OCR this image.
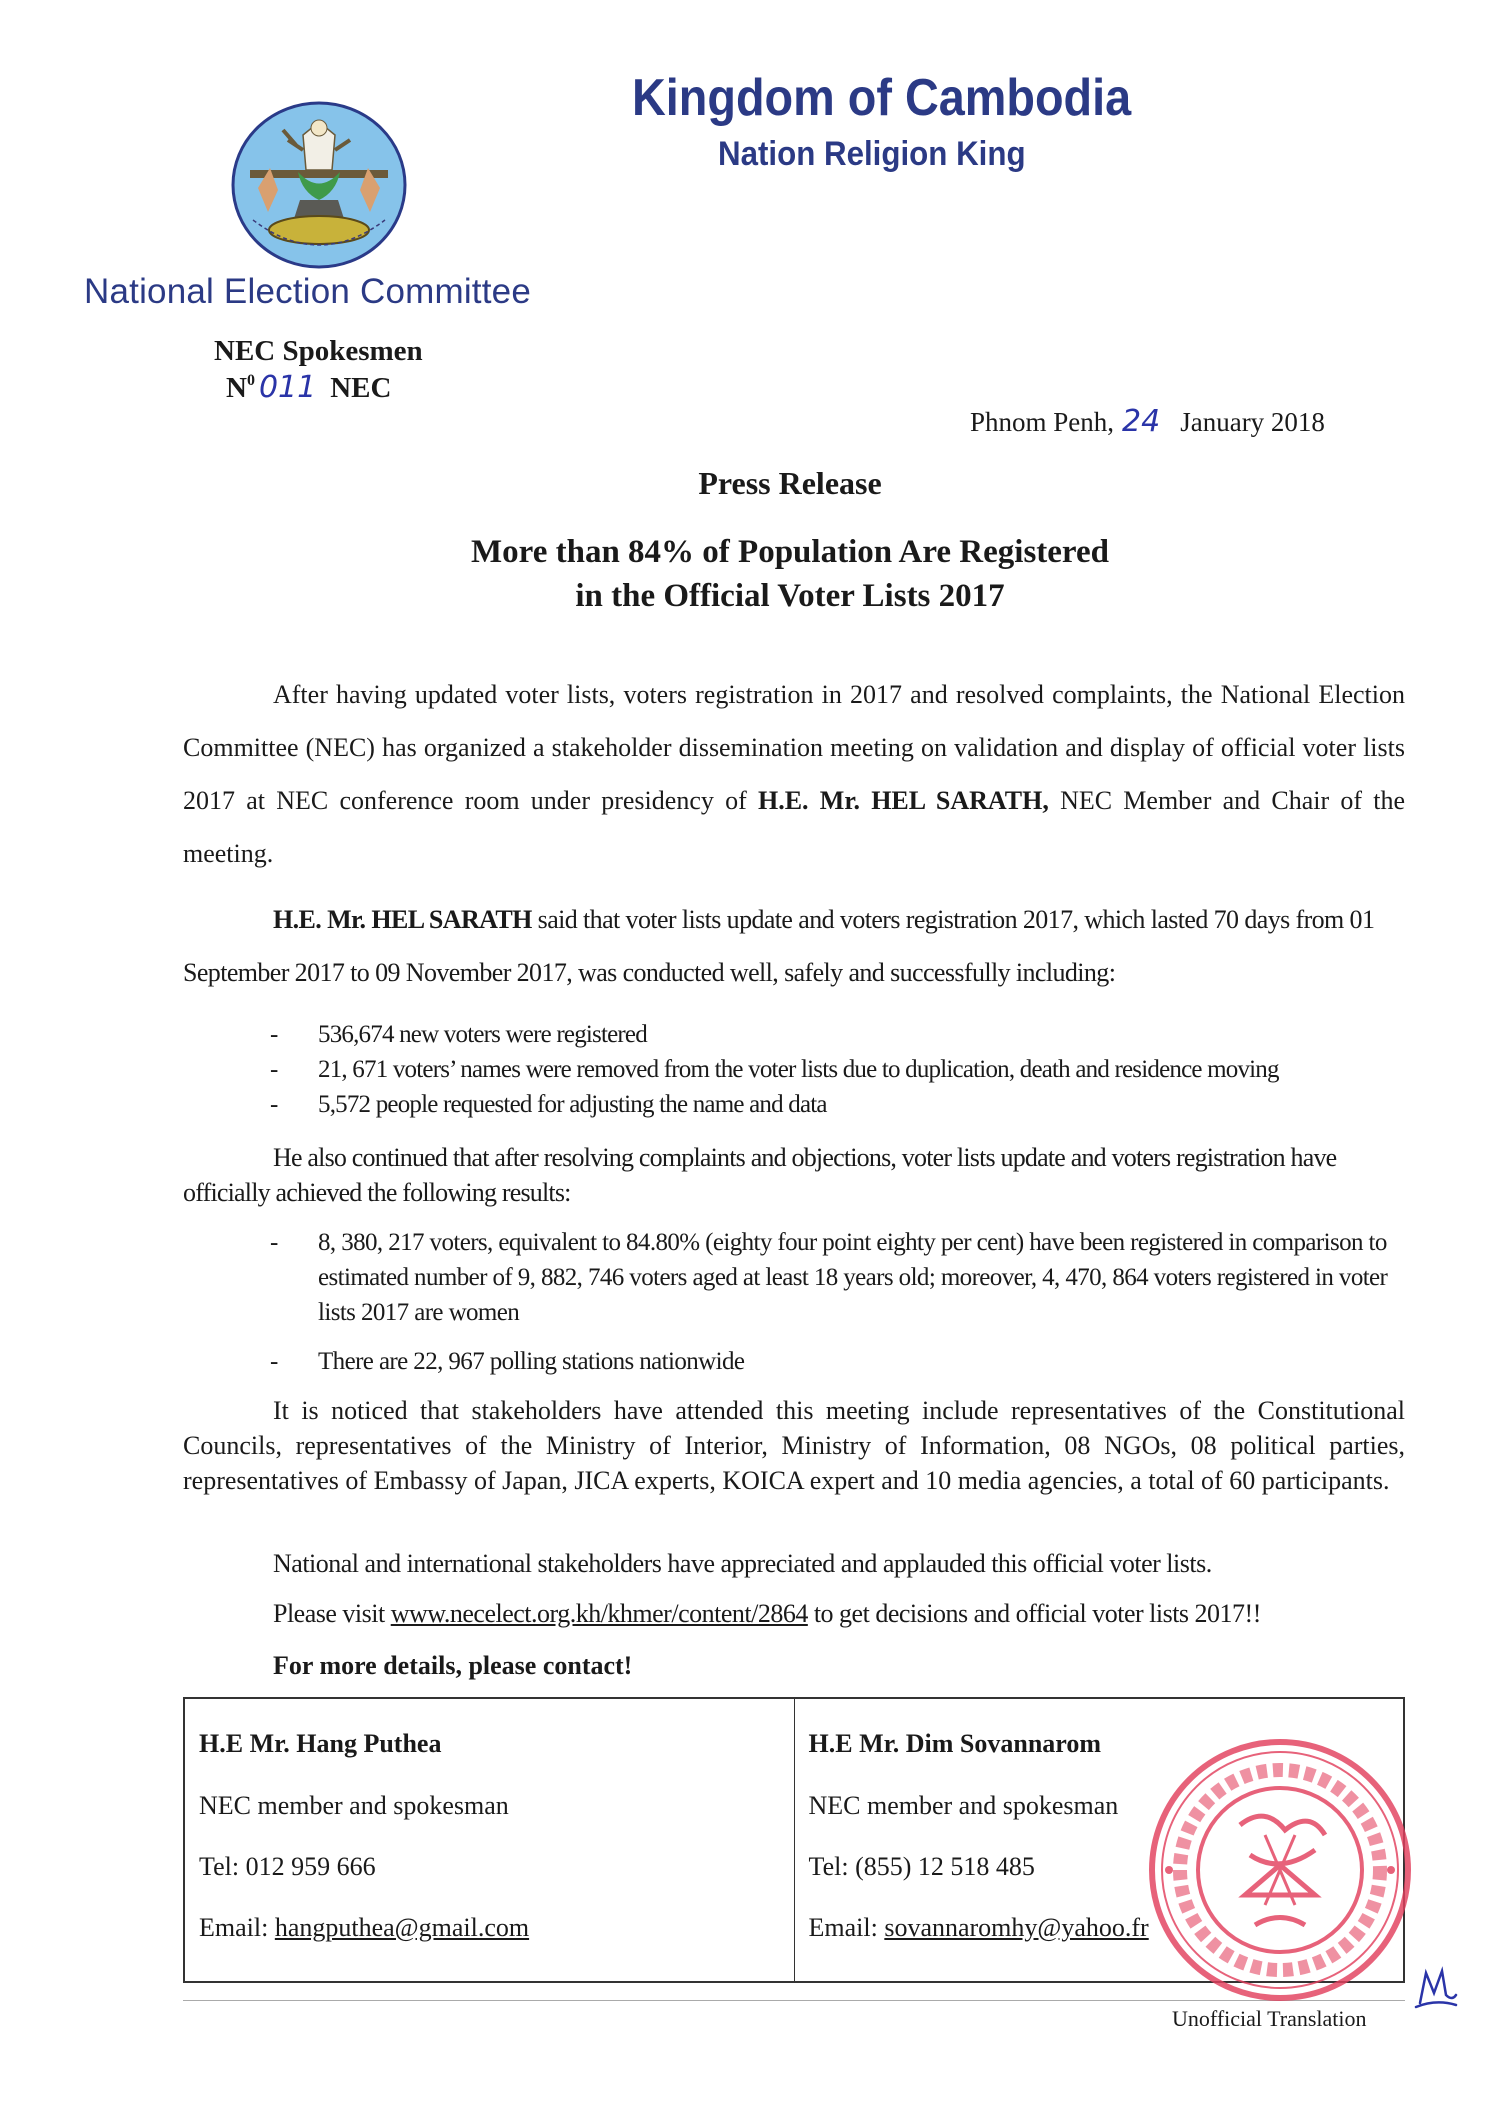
National Election Committee
NEC Spokesmen
$N^0$ 011 NEC
Kingdom of Cambodia
Nation Religion King
Phnom Penh, 24 January 2018
Press Release
More than 84% of Population Are Registered
in the Official Voter Lists 2017
After having updated voter lists, voters registration in 2017 and resolved complaints, the National Election Committee (NEC) has organized a stakeholder dissemination meeting on validation and display of official voter lists 2017 at NEC conference room under presidency of H.E. Mr. HEL SARATH, NEC Member and Chair of the meeting.
H.E. Mr. HEL SARATH said that voter lists update and voters registration 2017, which lasted 70 days from 01 September 2017 to 09 November 2017, was conducted well, safely and successfully including:
- 536,674 new voters were registered
- 21, 671 voters’ names were removed from the voter lists due to duplication, death and residence moving
- 5,572 people requested for adjusting the name and data
He also continued that after resolving complaints and objections, voter lists update and voters registration have officially achieved the following results:
- 8, 380, 217 voters, equivalent to 84.80% (eighty four point eighty per cent) have been registered in comparison to estimated number of 9, 882, 746 voters aged at least 18 years old; moreover, 4, 470, 864 voters registered in voter lists 2017 are women
- There are 22, 967 polling stations nationwide
It is noticed that stakeholders have attended this meeting include representatives of the Constitutional Councils, representatives of the Ministry of Interior, Ministry of Information, 08 NGOs, 08 political parties, representatives of Embassy of Japan, JICA experts, KOICA expert and 10 media agencies, a total of 60 participants.
National and international stakeholders have appreciated and applauded this official voter lists.
Please visit www.necelect.org.kh/khmer/content/2864 to get decisions and official voter lists 2017!!
For more details, please contact!
H.E Mr. Hang Puthea
NEC member and spokesman
Tel: 012 959 666
Email: hangputhea@gmail.com
H.E Mr. Dim Sovannarom
NEC member and spokesman
Tel: (855) 12 518 485
Email: sovannaromhy@yahoo.fr
Unofficial Translation
